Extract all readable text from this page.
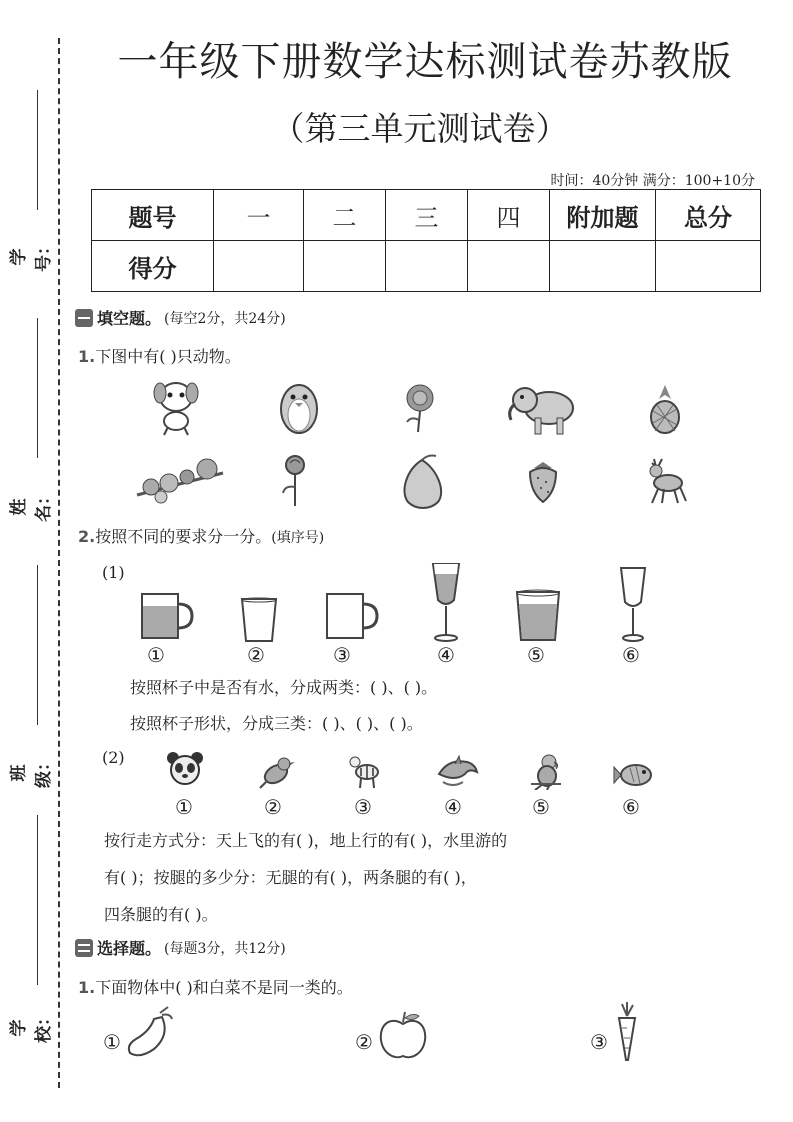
学号：
姓名：
班级：
学校：
一年级下册数学达标测试卷苏教版
（第三单元测试卷）
时间：40分钟 满分：100+10分
题号	一	二	三	四	附加题	总分
得分						
填空题。 (每空2分，共24分)
1.下图中有( )只动物。
2.按照不同的要求分一分。(填序号)
(1)
①	②	③	④	⑤	⑥
按照杯子中是否有水，分成两类：( )、( )。
按照杯子形状，分成三类：( )、( )、( )。
(2)
①	②	③	④	⑤	⑥
按行走方式分：天上飞的有( )，地上行的有( )，水里游的
有( )；按腿的多少分：无腿的有( )，两条腿的有( )，
四条腿的有( )。
选择题。 (每题3分，共12分)
1.下面物体中( )和白菜不是同一类的。
①	②	③
